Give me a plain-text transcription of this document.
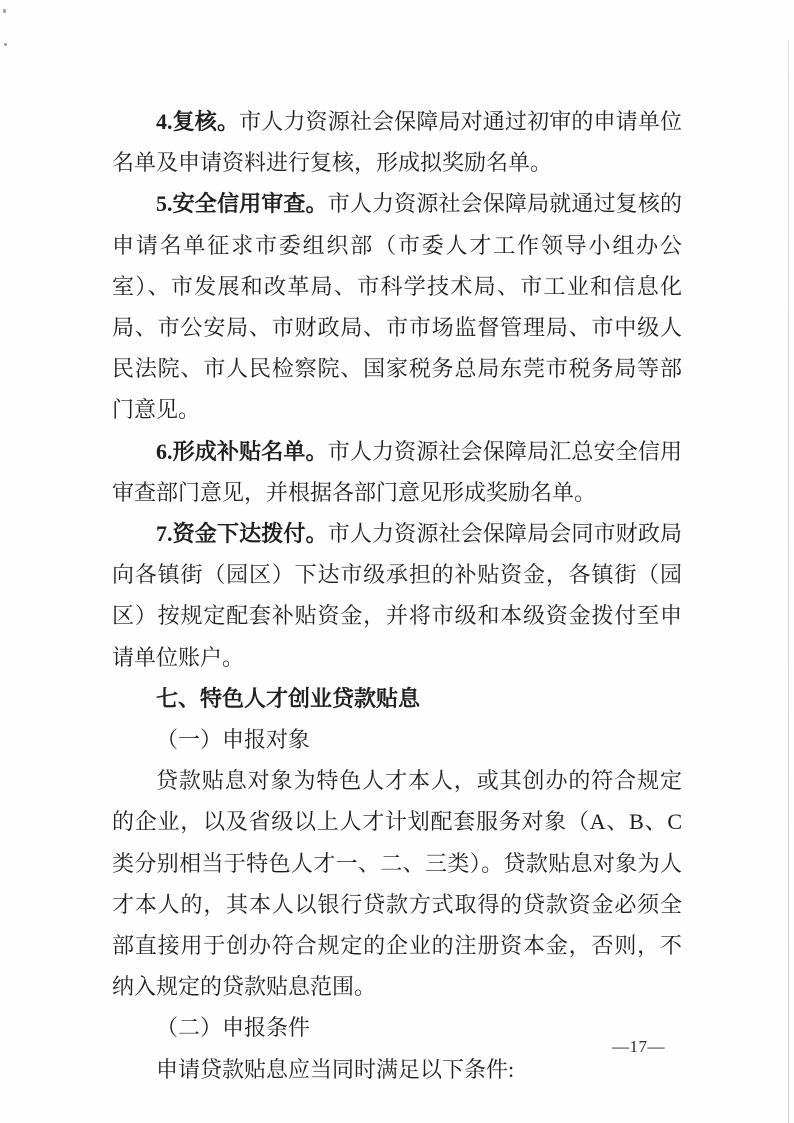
4.复核。市人力资源社会保障局对通过初审的申请单位名单及申请资料进行复核，形成拟奖励名单。

5.安全信用审查。市人力资源社会保障局就通过复核的申请名单征求市委组织部（市委人才工作领导小组办公室）、市发展和改革局、市科学技术局、市工业和信息化局、市公安局、市财政局、市市场监督管理局、市中级人民法院、市人民检察院、国家税务总局东莞市税务局等部门意见。

6.形成补贴名单。市人力资源社会保障局汇总安全信用审查部门意见，并根据各部门意见形成奖励名单。

7.资金下达拨付。市人力资源社会保障局会同市财政局向各镇街（园区）下达市级承担的补贴资金，各镇街（园区）按规定配套补贴资金，并将市级和本级资金拨付至申请单位账户。

七、特色人才创业贷款贴息

（一）申报对象

贷款贴息对象为特色人才本人，或其创办的符合规定的企业，以及省级以上人才计划配套服务对象（A、B、C 类分别相当于特色人才一、二、三类）。贷款贴息对象为人才本人的，其本人以银行贷款方式取得的贷款资金必须全部直接用于创办符合规定的企业的注册资本金，否则，不纳入规定的贷款贴息范围。

（二）申报条件

申请贷款贴息应当同时满足以下条件:

—17—
